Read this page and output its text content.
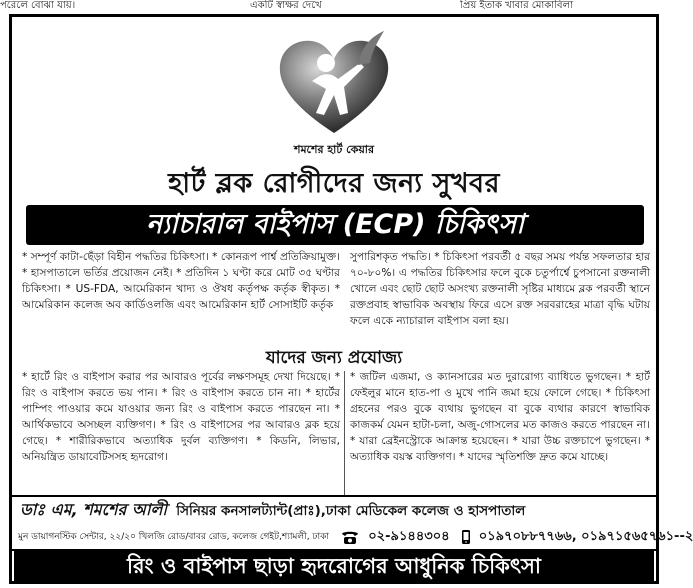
পরেলে বোঝা যায়।	একটি স্বাক্ষর দেখে	প্রিয় ইতাক খাবার মোকাবিলা
শমশের হার্ট কেয়ার
হার্ট ব্লক রোগীদের জন্য সুখবর
ন্যাচারাল বাইপাস (ECP) চিকিৎসা
* সম্পূর্ণ কাটা-ছেঁড়া বিহীন পদ্ধতির চিকিৎসা। * কোনরূপ পার্শ্ব প্রতিক্রিয়ামুক্ত। * হাসপাতালে ভর্তির প্রয়োজন নেই। * প্রতিদিন ১ ঘণ্টা করে মোট ৩৫ ঘণ্টার চিকিৎসা। * US-FDA, আমেরিকান খাদ্য ও ঔষধ কর্তৃপক্ষ কর্তৃক স্বীকৃত। * আমেরিকান কলেজ অব কার্ডিওলজি এবং আমেরিকান হার্ট সোসাইটি কর্তৃক
সুপারিশকৃত পদ্ধতি। * চিকিৎসা পরবর্তী ৫ বছর সময় পর্যন্ত সফলতার হার ৭০-৮০%। এ পদ্ধতির চিকিৎসার ফলে বুকে চতুর্পার্শ্বে চুপসানো রক্তনালী খোলে এবং ছোট ছোট অসংখ্য রক্তনালী সৃষ্টির মাধ্যমে ব্লক পরবর্তী স্থানে রক্তপ্রবাহ স্বাভাবিক অবস্থায় ফিরে এসে রক্ত সরবরাহের মাত্রা বৃদ্ধি ঘটায় ফলে একে ন্যাচারাল বাইপাস বলা হয়।
যাদের জন্য প্রযোজ্য
* হার্টে রিং ও বাইপাস করার পর আবারও পূর্বের লক্ষণসমূহ দেখা দিয়েছে। * রিং ও বাইপাস করতে ভয় পান। * রিং ও বাইপাস করতে চান না। * হার্টের পাম্পিং পাওয়ার কমে যাওয়ার জন্য রিং ও বাইপাস করতে পারছেন না। * আর্থিকভাবে অসচ্ছল ব্যক্তিগণ। * রিং ও বাইপাসের পর আবারও ব্লক হয়ে গেছে। * শারীরিকভাবে অত্যাধিক দুর্বল ব্যক্তিগণ। * কিডনি, লিভার, অনিয়ন্ত্রিত ডায়াবেটিসসহ হৃদরোগ।
* জটিল এজমা, ও ক্যানসারের মত দুরারোগ্য ব্যাধিতে ভুগছেন। * হার্ট ফেইলুর মানে হাত-পা ও মুখে পানি জমা হয়ে ফোলে গেছে। * চিকিৎসা গ্রহনের পরও বুকে ব্যথায় ভুগছেন বা বুকে ব্যথার কারণে স্বাভাবিক কাজকর্ম যেমন হাটা-চলা, অজু-গোসলের মত কাজও করতে পারছেন না। * যারা ব্রেইনস্ট্রোকে আক্রান্ত হয়েছেন। * যারা উচ্চ রক্তচাপে ভুগছেন। * অত্যাধিক বয়স্ক ব্যক্তিগণ। * যাদের স্মৃতিশক্তি দ্রুত কমে যাচ্ছে।
ডাঃ এম, শমশের আলী সিনিয়র কনসালট্যান্ট(প্রাঃ),ঢাকা মেডিকেল কলেজ ও হাসপাতাল
মুন ডায়াগনস্টিক সেন্টার, ২২/২০ খিলজি রোড/বাবর রোড, কলেজ গেইট,শ্যামলী, ঢাকা	০২-৯১৪৪৩০৪ ০১৯৭০৮৮৭৭৬৬, ০১৯৭১৫৬৫৭৬১--২
রিং ও বাইপাস ছাড়া হৃদরোগের আধুনিক চিকিৎসা
